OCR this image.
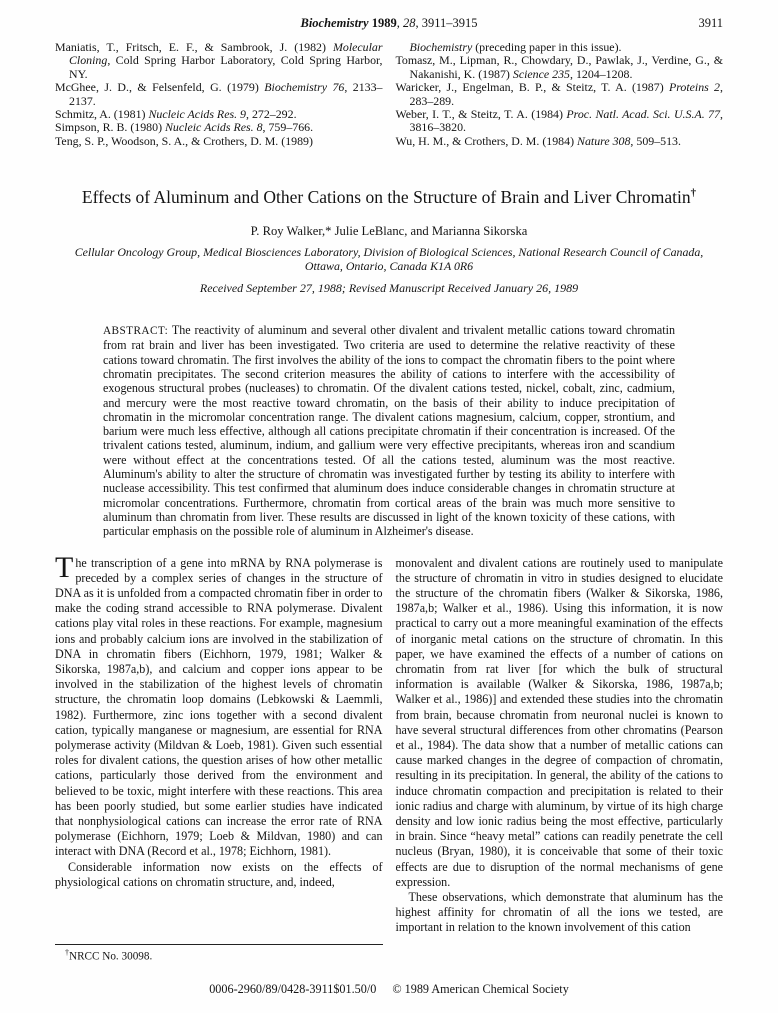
Biochemistry 1989, 28, 3911–3915	3911
Maniatis, T., Fritsch, E. F., & Sambrook, J. (1982) Molecular Cloning, Cold Spring Harbor Laboratory, Cold Spring Harbor, NY.
McGhee, J. D., & Felsenfeld, G. (1979) Biochemistry 76, 2133–2137.
Schmitz, A. (1981) Nucleic Acids Res. 9, 272–292.
Simpson, R. B. (1980) Nucleic Acids Res. 8, 759–766.
Teng, S. P., Woodson, S. A., & Crothers, D. M. (1989)
Biochemistry (preceding paper in this issue).
Tomasz, M., Lipman, R., Chowdary, D., Pawlak, J., Verdine, G., & Nakanishi, K. (1987) Science 235, 1204–1208.
Waricker, J., Engelman, B. P., & Steitz, T. A. (1987) Proteins 2, 283–289.
Weber, I. T., & Steitz, T. A. (1984) Proc. Natl. Acad. Sci. U.S.A. 77, 3816–3820.
Wu, H. M., & Crothers, D. M. (1984) Nature 308, 509–513.
Effects of Aluminum and Other Cations on the Structure of Brain and Liver Chromatin†
P. Roy Walker,* Julie LeBlanc, and Marianna Sikorska
Cellular Oncology Group, Medical Biosciences Laboratory, Division of Biological Sciences, National Research Council of Canada, Ottawa, Ontario, Canada K1A 0R6
Received September 27, 1988; Revised Manuscript Received January 26, 1989

ABSTRACT: The reactivity of aluminum and several other divalent and trivalent metallic cations toward chromatin from rat brain and liver has been investigated. Two criteria are used to determine the relative reactivity of these cations toward chromatin. The first involves the ability of the ions to compact the chromatin fibers to the point where chromatin precipitates. The second criterion measures the ability of cations to interfere with the accessibility of exogenous structural probes (nucleases) to chromatin. Of the divalent cations tested, nickel, cobalt, zinc, cadmium, and mercury were the most reactive toward chromatin, on the basis of their ability to induce precipitation of chromatin in the micromolar concentration range. The divalent cations magnesium, calcium, copper, strontium, and barium were much less effective, although all cations precipitate chromatin if their concentration is increased. Of the trivalent cations tested, aluminum, indium, and gallium were very effective precipitants, whereas iron and scandium were without effect at the concentrations tested. Of all the cations tested, aluminum was the most reactive. Aluminum's ability to alter the structure of chromatin was investigated further by testing its ability to interfere with nuclease accessibility. This test confirmed that aluminum does induce considerable changes in chromatin structure at micromolar concentrations. Furthermore, chromatin from cortical areas of the brain was much more sensitive to aluminum than chromatin from liver. These results are discussed in light of the known toxicity of these cations, with particular emphasis on the possible role of aluminum in Alzheimer's disease.

The transcription of a gene into mRNA by RNA polymerase is preceded by a complex series of changes in the structure of DNA as it is unfolded from a compacted chromatin fiber in order to make the coding strand accessible to RNA polymerase. Divalent cations play vital roles in these reactions. For example, magnesium ions and probably calcium ions are involved in the stabilization of DNA in chromatin fibers (Eichhorn, 1979, 1981; Walker & Sikorska, 1987a,b), and calcium and copper ions appear to be involved in the stabilization of the highest levels of chromatin structure, the chromatin loop domains (Lebkowski & Laemmli, 1982). Furthermore, zinc ions together with a second divalent cation, typically manganese or magnesium, are essential for RNA polymerase activity (Mildvan & Loeb, 1981). Given such essential roles for divalent cations, the question arises of how other metallic cations, particularly those derived from the environment and believed to be toxic, might interfere with these reactions. This area has been poorly studied, but some earlier studies have indicated that nonphysiological cations can increase the error rate of RNA polymerase (Eichhorn, 1979; Loeb & Mildvan, 1980) and can interact with DNA (Record et al., 1978; Eichhorn, 1981).

Considerable information now exists on the effects of physiological cations on chromatin structure, and, indeed,

monovalent and divalent cations are routinely used to manipulate the structure of chromatin in vitro in studies designed to elucidate the structure of the chromatin fibers (Walker & Sikorska, 1986, 1987a,b; Walker et al., 1986). Using this information, it is now practical to carry out a more meaningful examination of the effects of inorganic metal cations on the structure of chromatin. In this paper, we have examined the effects of a number of cations on chromatin from rat liver [for which the bulk of structural information is available (Walker & Sikorska, 1986, 1987a,b; Walker et al., 1986)] and extended these studies into the chromatin from brain, because chromatin from neuronal nuclei is known to have several structural differences from other chromatins (Pearson et al., 1984). The data show that a number of metallic cations can cause marked changes in the degree of compaction of chromatin, resulting in its precipitation. In general, the ability of the cations to induce chromatin compaction and precipitation is related to their ionic radius and charge with aluminum, by virtue of its high charge density and low ionic radius being the most effective, particularly in brain. Since “heavy metal” cations can readily penetrate the cell nucleus (Bryan, 1980), it is conceivable that some of their toxic effects are due to disruption of the normal mechanisms of gene expression.

These observations, which demonstrate that aluminum has the highest affinity for chromatin of all the ions we tested, are important in relation to the known involvement of this cation

†NRCC No. 30098.
0006-2960/89/0428-3911$01.50/0 © 1989 American Chemical Society
